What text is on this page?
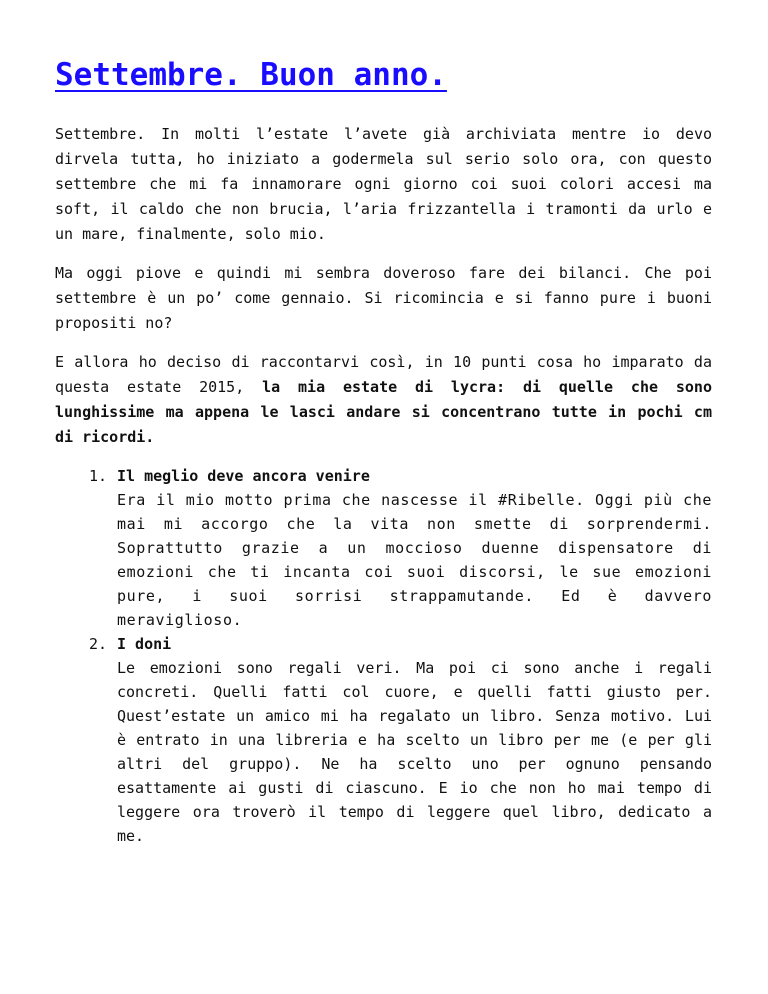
Settembre. Buon anno.

Settembre. In molti l’estate l’avete già archiviata mentre io devo dirvela tutta, ho iniziato a godermela sul serio solo ora, con questo settembre che mi fa innamorare ogni giorno coi suoi colori accesi ma soft, il caldo che non brucia, l’aria frizzantella i tramonti da urlo e un mare, finalmente, solo mio.

Ma oggi piove e quindi mi sembra doveroso fare dei bilanci. Che poi settembre è un po’ come gennaio. Si ricomincia e si fanno pure i buoni propositi no?

E allora ho deciso di raccontarvi così, in 10 punti cosa ho imparato da questa estate 2015, la mia estate di lycra: di quelle che sono lunghissime ma appena le lasci andare si concentrano tutte in pochi cm di ricordi.

1. Il meglio deve ancora venire
Era il mio motto prima che nascesse il #Ribelle. Oggi più che mai mi accorgo che la vita non smette di sorprendermi. Soprattutto grazie a un moccioso duenne dispensatore di emozioni che ti incanta coi suoi discorsi, le sue emozioni pure, i suoi sorrisi strappamutande. Ed è davvero meraviglioso.
2. I doni
Le emozioni sono regali veri. Ma poi ci sono anche i regali concreti. Quelli fatti col cuore, e quelli fatti giusto per. Quest’estate un amico mi ha regalato un libro. Senza motivo. Lui è entrato in una libreria e ha scelto un libro per me (e per gli altri del gruppo). Ne ha scelto uno per ognuno pensando esattamente ai gusti di ciascuno. E io che non ho mai tempo di leggere ora troverò il tempo di leggere quel libro, dedicato a me.
